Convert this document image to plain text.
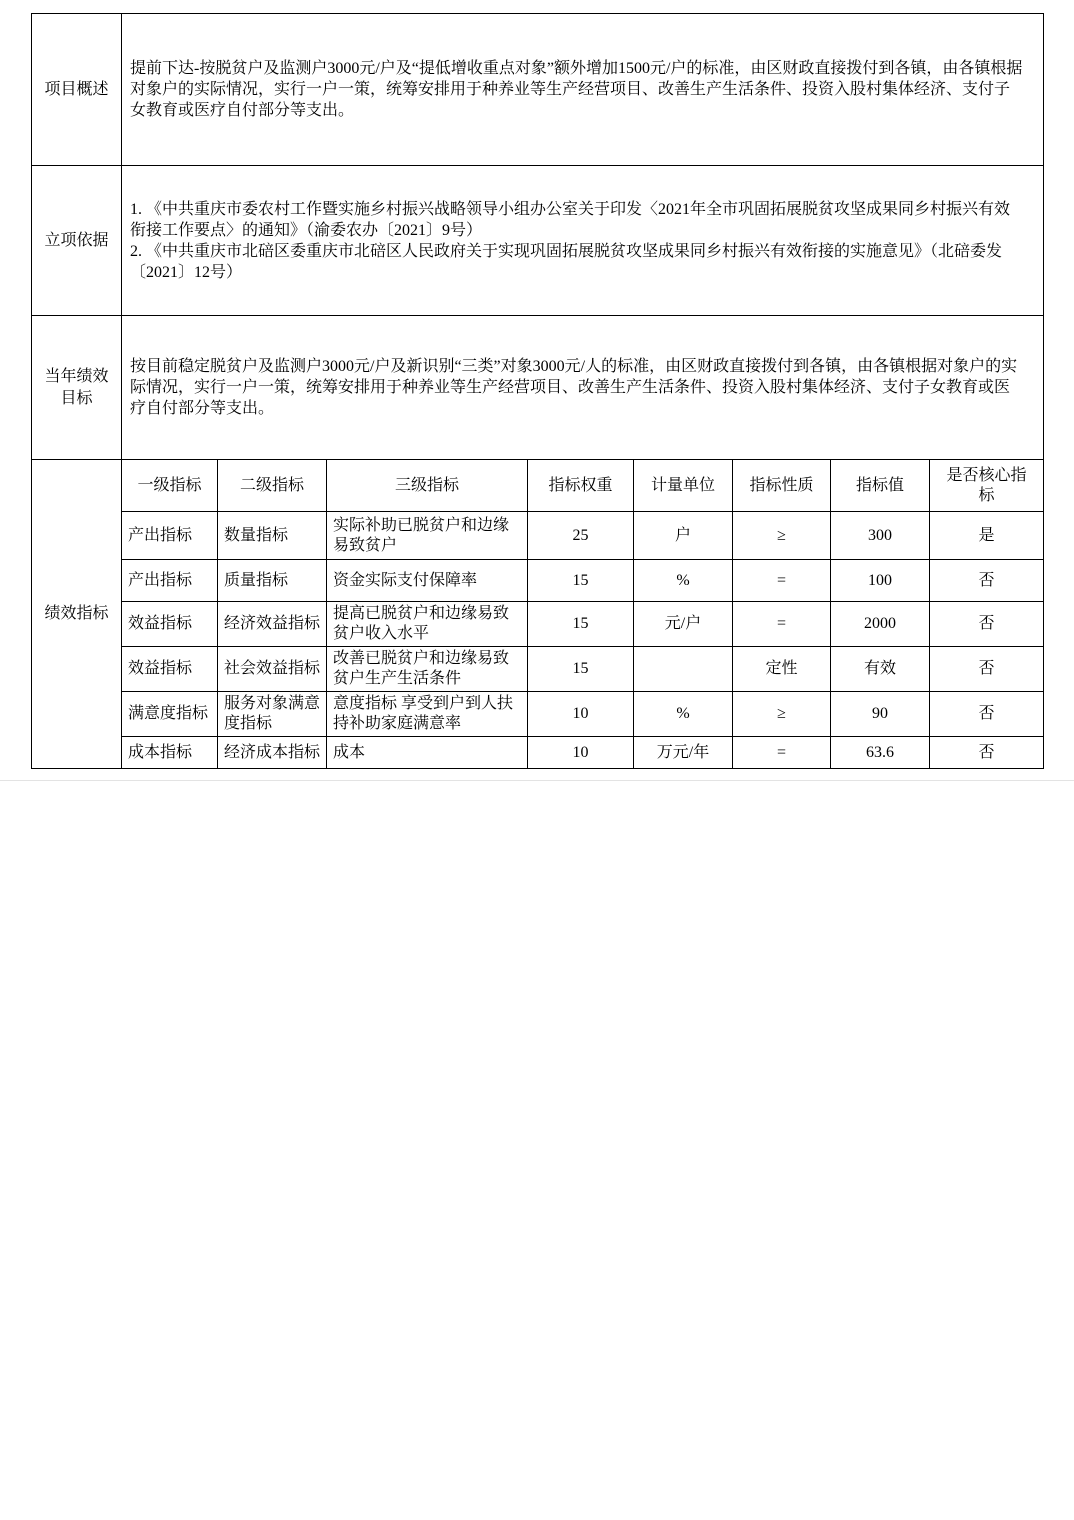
项目概述	提前下达-按脱贫户及监测户3000元/户及“提低增收重点对象”额外增加1500元/户的标准，由区财政直接拨付到各镇，由各镇根据对象户的实际情况，实行一户一策，统筹安排用于种养业等生产经营项目、改善生产生活条件、投资入股村集体经济、支付子女教育或医疗自付部分等支出。							

立项依据	1. 《中共重庆市委农村工作暨实施乡村振兴战略领导小组办公室关于印发〈2021年全市巩固拓展脱贫攻坚成果同乡村振兴有效衔接工作要点〉的通知》（渝委农办〔2021〕9号）
2. 《中共重庆市北碚区委重庆市北碚区人民政府关于实现巩固拓展脱贫攻坚成果同乡村振兴有效衔接的实施意见》（北碚委发〔2021〕12号）							

当年绩效目标	按目前稳定脱贫户及监测户3000元/户及新识别“三类”对象3000元/人的标准，由区财政直接拨付到各镇，由各镇根据对象户的实际情况，实行一户一策，统筹安排用于种养业等生产经营项目、改善生产生活条件、投资入股村集体经济、支付子女教育或医疗自付部分等支出。							

绩效指标	一级指标	二级指标	三级指标	指标权重	计量单位	指标性质	指标值	是否核心指标
	产出指标	数量指标	实际补助已脱贫户和边缘易致贫户	25	户	≥	300	是
	产出指标	质量指标	资金实际支付保障率	15	%	=	100	否
	效益指标	经济效益指标	提高已脱贫户和边缘易致贫户收入水平	15	元/户	=	2000	否
	效益指标	社会效益指标	改善已脱贫户和边缘易致贫户生产生活条件	15		定性	有效	否
	满意度指标	服务对象满意度指标	意度指标 享受到户到人扶持补助家庭满意率	10	%	≥	90	否
	成本指标	经济成本指标	成本	10	万元/年	=	63.6	否
